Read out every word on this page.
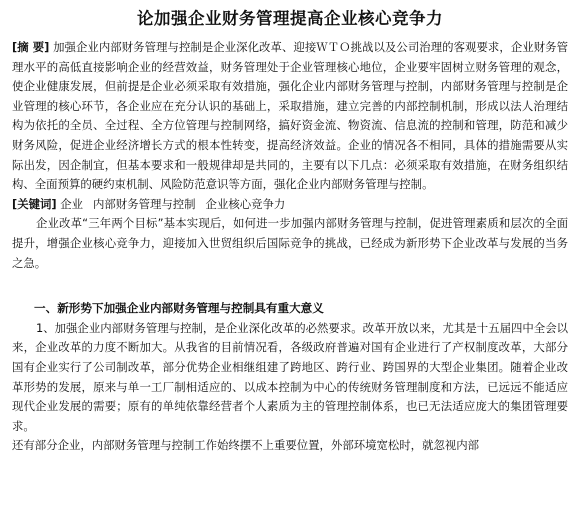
论加强企业财务管理提高企业核心竞争力

[摘 要] 加强企业内部财务管理与控制是企业深化改革、迎接ＷＴＯ挑战以及公司治理的客观要求，企业财务管理水平的高低直接影响企业的经营效益，财务管理处于企业管理核心地位，企业要牢固树立财务管理的观念，使企业健康发展，但前提是企业必须采取有效措施，强化企业内部财务管理与控制，内部财务管理与控制是企业管理的核心环节，各企业应在充分认识的基础上，采取措施，建立完善的内部控制机制，形成以法人治理结构为依托的全员、全过程、全方位管理与控制网络，搞好资金流、物资流、信息流的控制和管理，防范和减少财务风险，促进企业经济增长方式的根本性转变，提高经济效益。企业的情况各不相同，具体的措施需要从实际出发，因企制宜，但基本要求和一般规律却是共同的，主要有以下几点：必须采取有效措施，在财务组织结构、全面预算的硬约束机制、风险防范意识等方面，强化企业内部财务管理与控制。

[关键词] 企业 内部财务管理与控制 企业核心竞争力

企业改革“三年两个目标”基本实现后，如何进一步加强内部财务管理与控制，促进管理素质和层次的全面提升，增强企业核心竞争力，迎接加入世贸组织后国际竞争的挑战，已经成为新形势下企业改革与发展的当务之急。

一、新形势下加强企业内部财务管理与控制具有重大意义

1、加强企业内部财务管理与控制，是企业深化改革的必然要求。改革开放以来，尤其是十五届四中全会以来，企业改革的力度不断加大。从我省的目前情况看，各级政府普遍对国有企业进行了产权制度改革，大部分国有企业实行了公司制改革，部分优势企业相继组建了跨地区、跨行业、跨国界的大型企业集团。随着企业改革形势的发展，原来与单一工厂制相适应的、以成本控制为中心的传统财务管理制度和方法，已远远不能适应现代企业发展的需要；原有的单纯依靠经营者个人素质为主的管理控制体系，也已无法适应庞大的集团管理要求。

还有部分企业，内部财务管理与控制工作始终摆不上重要位置，外部环境宽松时，就忽视内部
